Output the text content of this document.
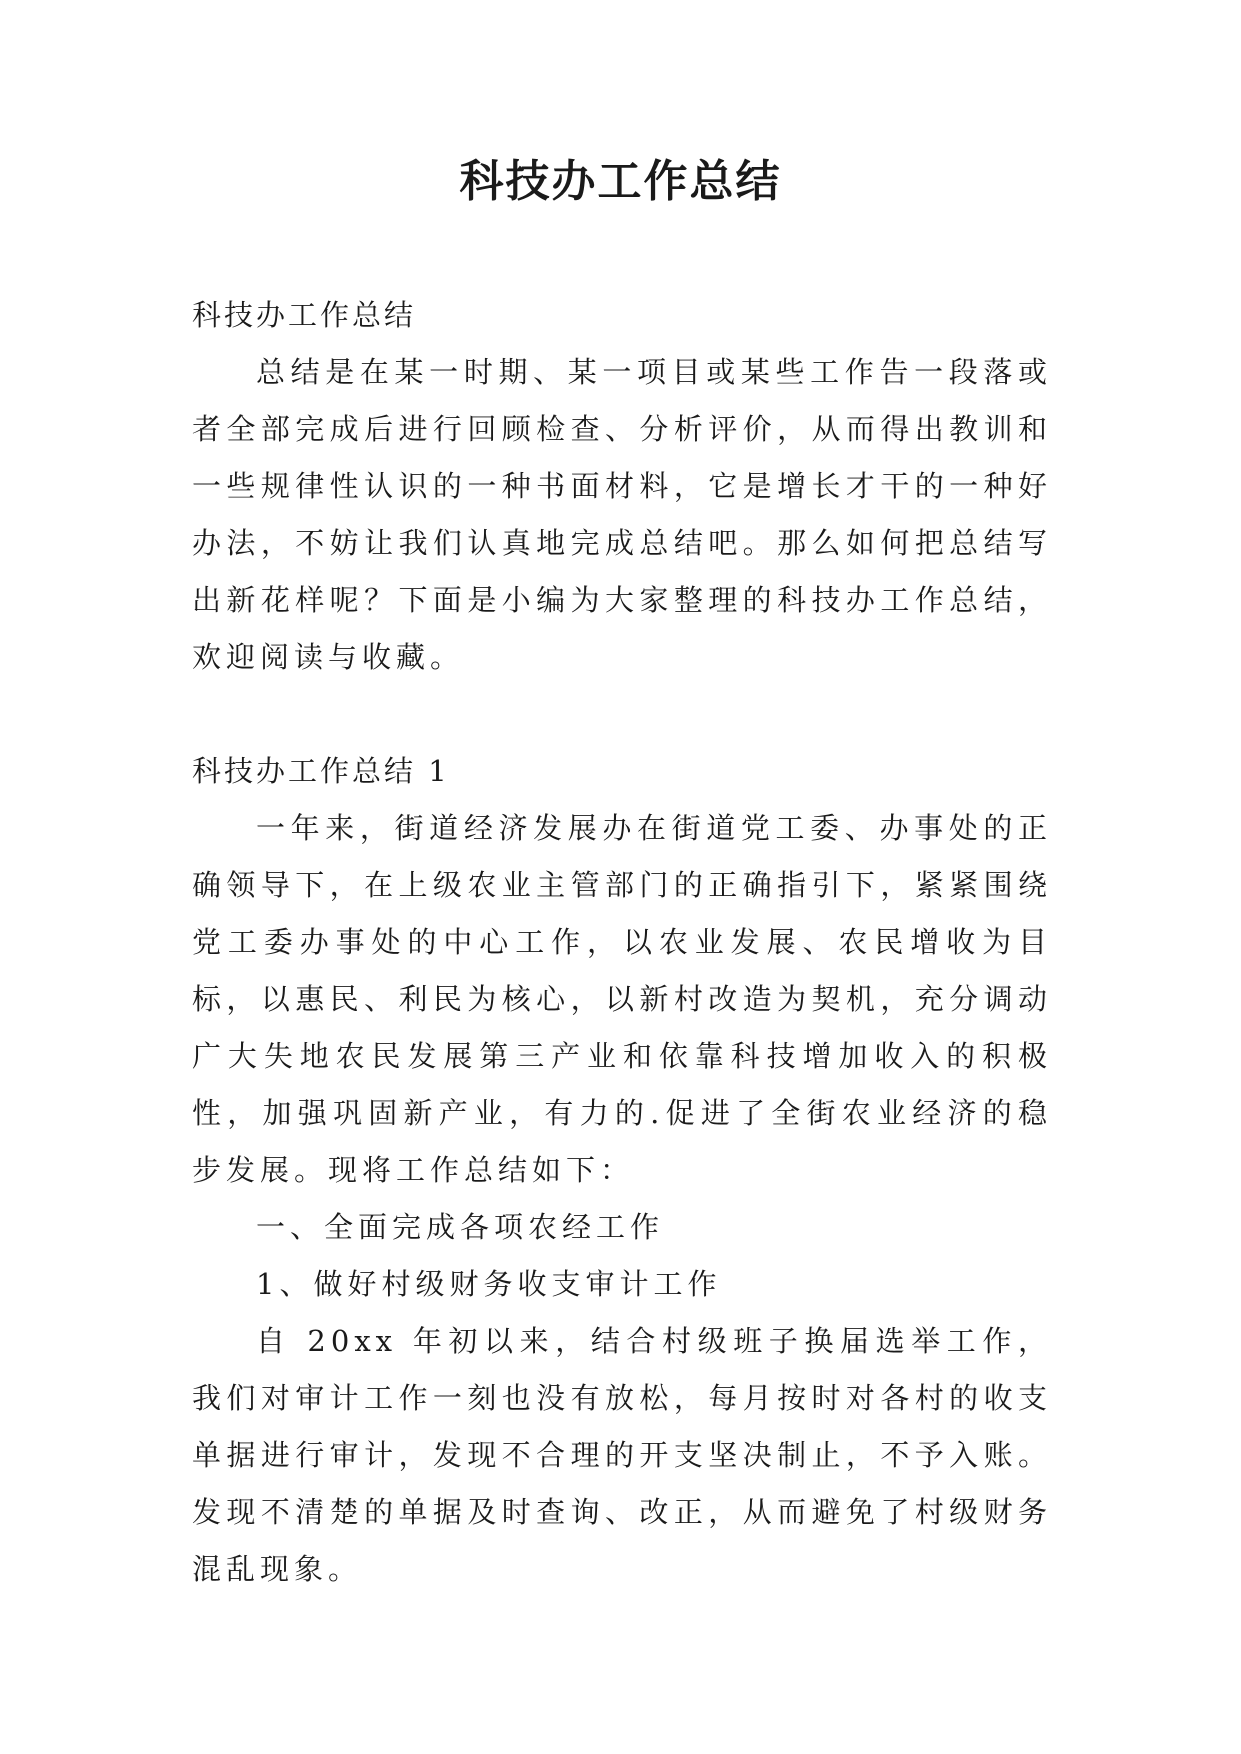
科技办工作总结

科技办工作总结

总结是在某一时期、某一项目或某些工作告一段落或者全部完成后进行回顾检查、分析评价，从而得出教训和一些规律性认识的一种书面材料，它是增长才干的一种好办法，不妨让我们认真地完成总结吧。那么如何把总结写出新花样呢？下面是小编为大家整理的科技办工作总结，欢迎阅读与收藏。

科技办工作总结 1

一年来，街道经济发展办在街道党工委、办事处的正确领导下，在上级农业主管部门的正确指引下，紧紧围绕党工委办事处的中心工作，以农业发展、农民增收为目标，以惠民、利民为核心，以新村改造为契机，充分调动广大失地农民发展第三产业和依靠科技增加收入的积极性，加强巩固新产业，有力的.促进了全街农业经济的稳步发展。现将工作总结如下：

一、全面完成各项农经工作

1、做好村级财务收支审计工作

自 20xx 年初以来，结合村级班子换届选举工作，我们对审计工作一刻也没有放松，每月按时对各村的收支单据进行审计，发现不合理的开支坚决制止，不予入账。发现不清楚的单据及时查询、改正，从而避免了村级财务混乱现象。
